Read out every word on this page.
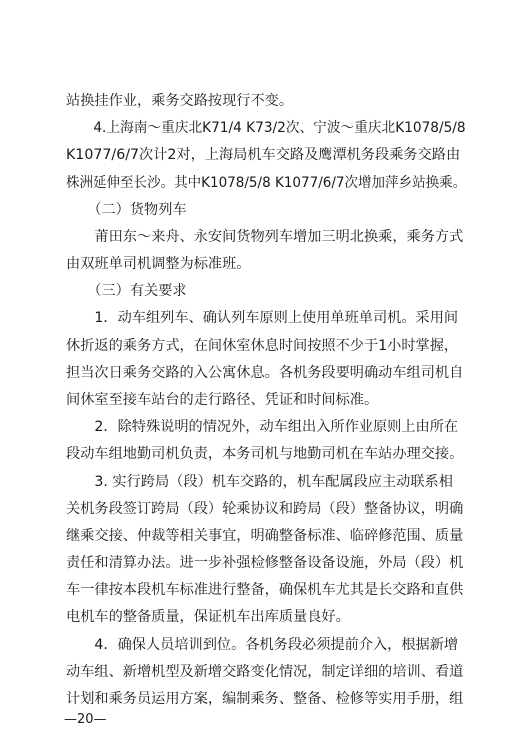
站换挂作业，乘务交路按现行不变。
　　4.上海南～重庆北K71/4 K73/2次、宁波～重庆北K1078/5/8
K1077/6/7次计2对，上海局机车交路及鹰潭机务段乘务交路由
株洲延伸至长沙。其中K1078/5/8 K1077/6/7次增加萍乡站换乘。
　　（二）货物列车
　　莆田东～来舟、永安间货物列车增加三明北换乘，乘务方式
由双班单司机调整为标准班。
　　（三）有关要求
　　1．动车组列车、确认列车原则上使用单班单司机。采用间
休折返的乘务方式，在间休室休息时间按照不少于1小时掌握，
担当次日乘务交路的入公寓休息。各机务段要明确动车组司机自
间休室至接车站台的走行路径、凭证和时间标准。
　　2．除特殊说明的情况外，动车组出入所作业原则上由所在
段动车组地勤司机负责，本务司机与地勤司机在车站办理交接。
　　3. 实行跨局（段）机车交路的，机车配属段应主动联系相
关机务段签订跨局（段）轮乘协议和跨局（段）整备协议，明确
继乘交接、仲裁等相关事宜，明确整备标准、临碎修范围、质量
责任和清算办法。进一步补强检修整备设备设施，外局（段）机
车一律按本段机车标准进行整备，确保机车尤其是长交路和直供
电机车的整备质量，保证机车出库质量良好。
　　4．确保人员培训到位。各机务段必须提前介入，根据新增
动车组、新增机型及新增交路变化情况，制定详细的培训、看道
计划和乘务员运用方案，编制乘务、整备、检修等实用手册，组
—20—
